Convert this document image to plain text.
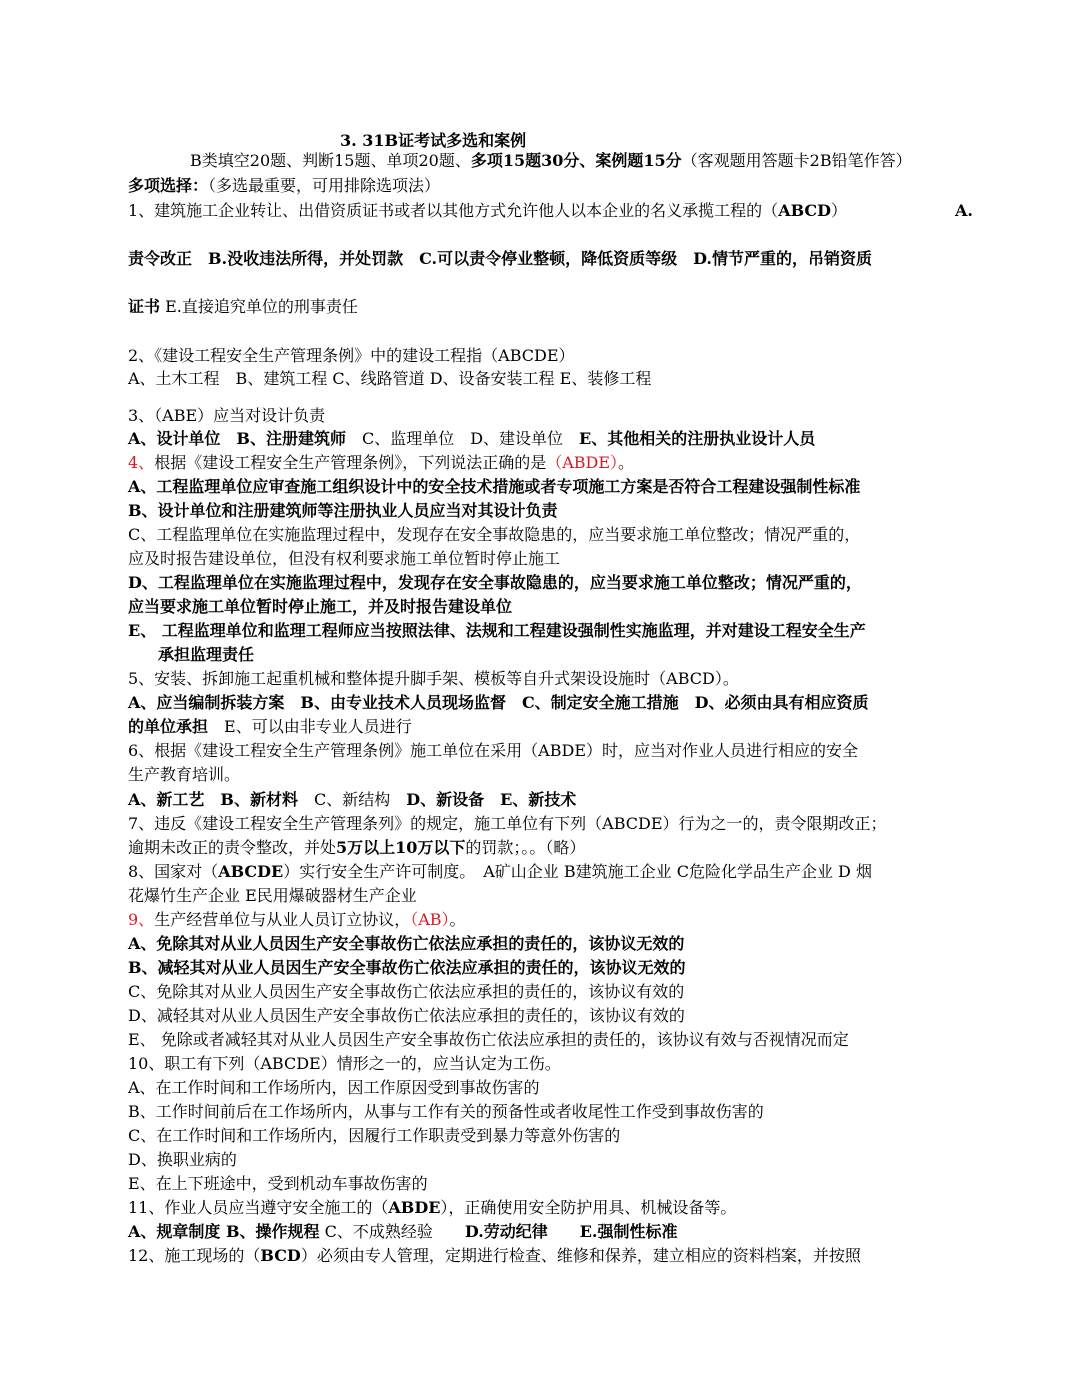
3. 31B证考试多选和案例
B类填空20题、判断15题、单项20题、多项15题30分、案例题15分（客观题用答题卡2B铅笔作答）
多项选择：（多选最重要，可用排除选项法）
1、建筑施工企业转让、出借资质证书或者以其他方式允许他人以本企业的名义承揽工程的（ABCD）	A.
责令改正　B.没收违法所得，并处罚款　C.可以责令停业整顿，降低资质等级　D.情节严重的，吊销资质
证书 E.直接追究单位的刑事责任
2、《建设工程安全生产管理条例》中的建设工程指（ABCDE）
A、土木工程　B、建筑工程 C、线路管道 D、设备安装工程 E、装修工程
3、（ABE）应当对设计负责
A、设计单位　B、注册建筑师　C、监理单位　D、建设单位　E、其他相关的注册执业设计人员
4、根据《建设工程安全生产管理条例》，下列说法正确的是（ABDE）。
A、工程监理单位应审查施工组织设计中的安全技术措施或者专项施工方案是否符合工程建设强制性标准
B、设计单位和注册建筑师等注册执业人员应当对其设计负责
C、工程监理单位在实施监理过程中，发现存在安全事故隐患的，应当要求施工单位整改；情况严重的，
应及时报告建设单位，但没有权利要求施工单位暂时停止施工
D、工程监理单位在实施监理过程中，发现存在安全事故隐患的，应当要求施工单位整改；情况严重的，
应当要求施工单位暂时停止施工，并及时报告建设单位
E、 工程监理单位和监理工程师应当按照法律、法规和工程建设强制性实施监理，并对建设工程安全生产
承担监理责任
5、安装、拆卸施工起重机械和整体提升脚手架、模板等自升式架设设施时（ABCD）。
A、应当编制拆装方案　B、由专业技术人员现场监督　C、制定安全施工措施　D、必须由具有相应资质
的单位承担　E、可以由非专业人员进行
6、根据《建设工程安全生产管理条例》施工单位在采用（ABDE）时，应当对作业人员进行相应的安全
生产教育培训。
A、新工艺　B、新材料　C、新结构　D、新设备　E、新技术
7、违反《建设工程安全生产管理条列》的规定，施工单位有下列（ABCDE）行为之一的，责令限期改正；
逾期未改正的责令整改，并处5万以上10万以下的罚款；。。（略）
8、国家对（ABCDE）实行安全生产许可制度。　A矿山企业 B建筑施工企业 C危险化学品生产企业 D 烟
花爆竹生产企业 E民用爆破器材生产企业
9、生产经营单位与从业人员订立协议，（AB）。
A、免除其对从业人员因生产安全事故伤亡依法应承担的责任的，该协议无效的
B、减轻其对从业人员因生产安全事故伤亡依法应承担的责任的，该协议无效的
C、免除其对从业人员因生产安全事故伤亡依法应承担的责任的，该协议有效的
D、减轻其对从业人员因生产安全事故伤亡依法应承担的责任的，该协议有效的
E、 免除或者减轻其对从业人员因生产安全事故伤亡依法应承担的责任的，该协议有效与否视情况而定
10、职工有下列（ABCDE）情形之一的，应当认定为工伤。
A、在工作时间和工作场所内，因工作原因受到事故伤害的
B、工作时间前后在工作场所内，从事与工作有关的预备性或者收尾性工作受到事故伤害的
C、在工作时间和工作场所内，因履行工作职责受到暴力等意外伤害的
D、换职业病的
E、在上下班途中，受到机动车事故伤害的
11、作业人员应当遵守安全施工的（ABDE），正确使用安全防护用具、机械设备等。
A、规章制度 B、操作规程 C、不成熟经验　　D.劳动纪律　　E.强制性标准
12、施工现场的（BCD）必须由专人管理，定期进行检查、维修和保养，建立相应的资料档案，并按照
